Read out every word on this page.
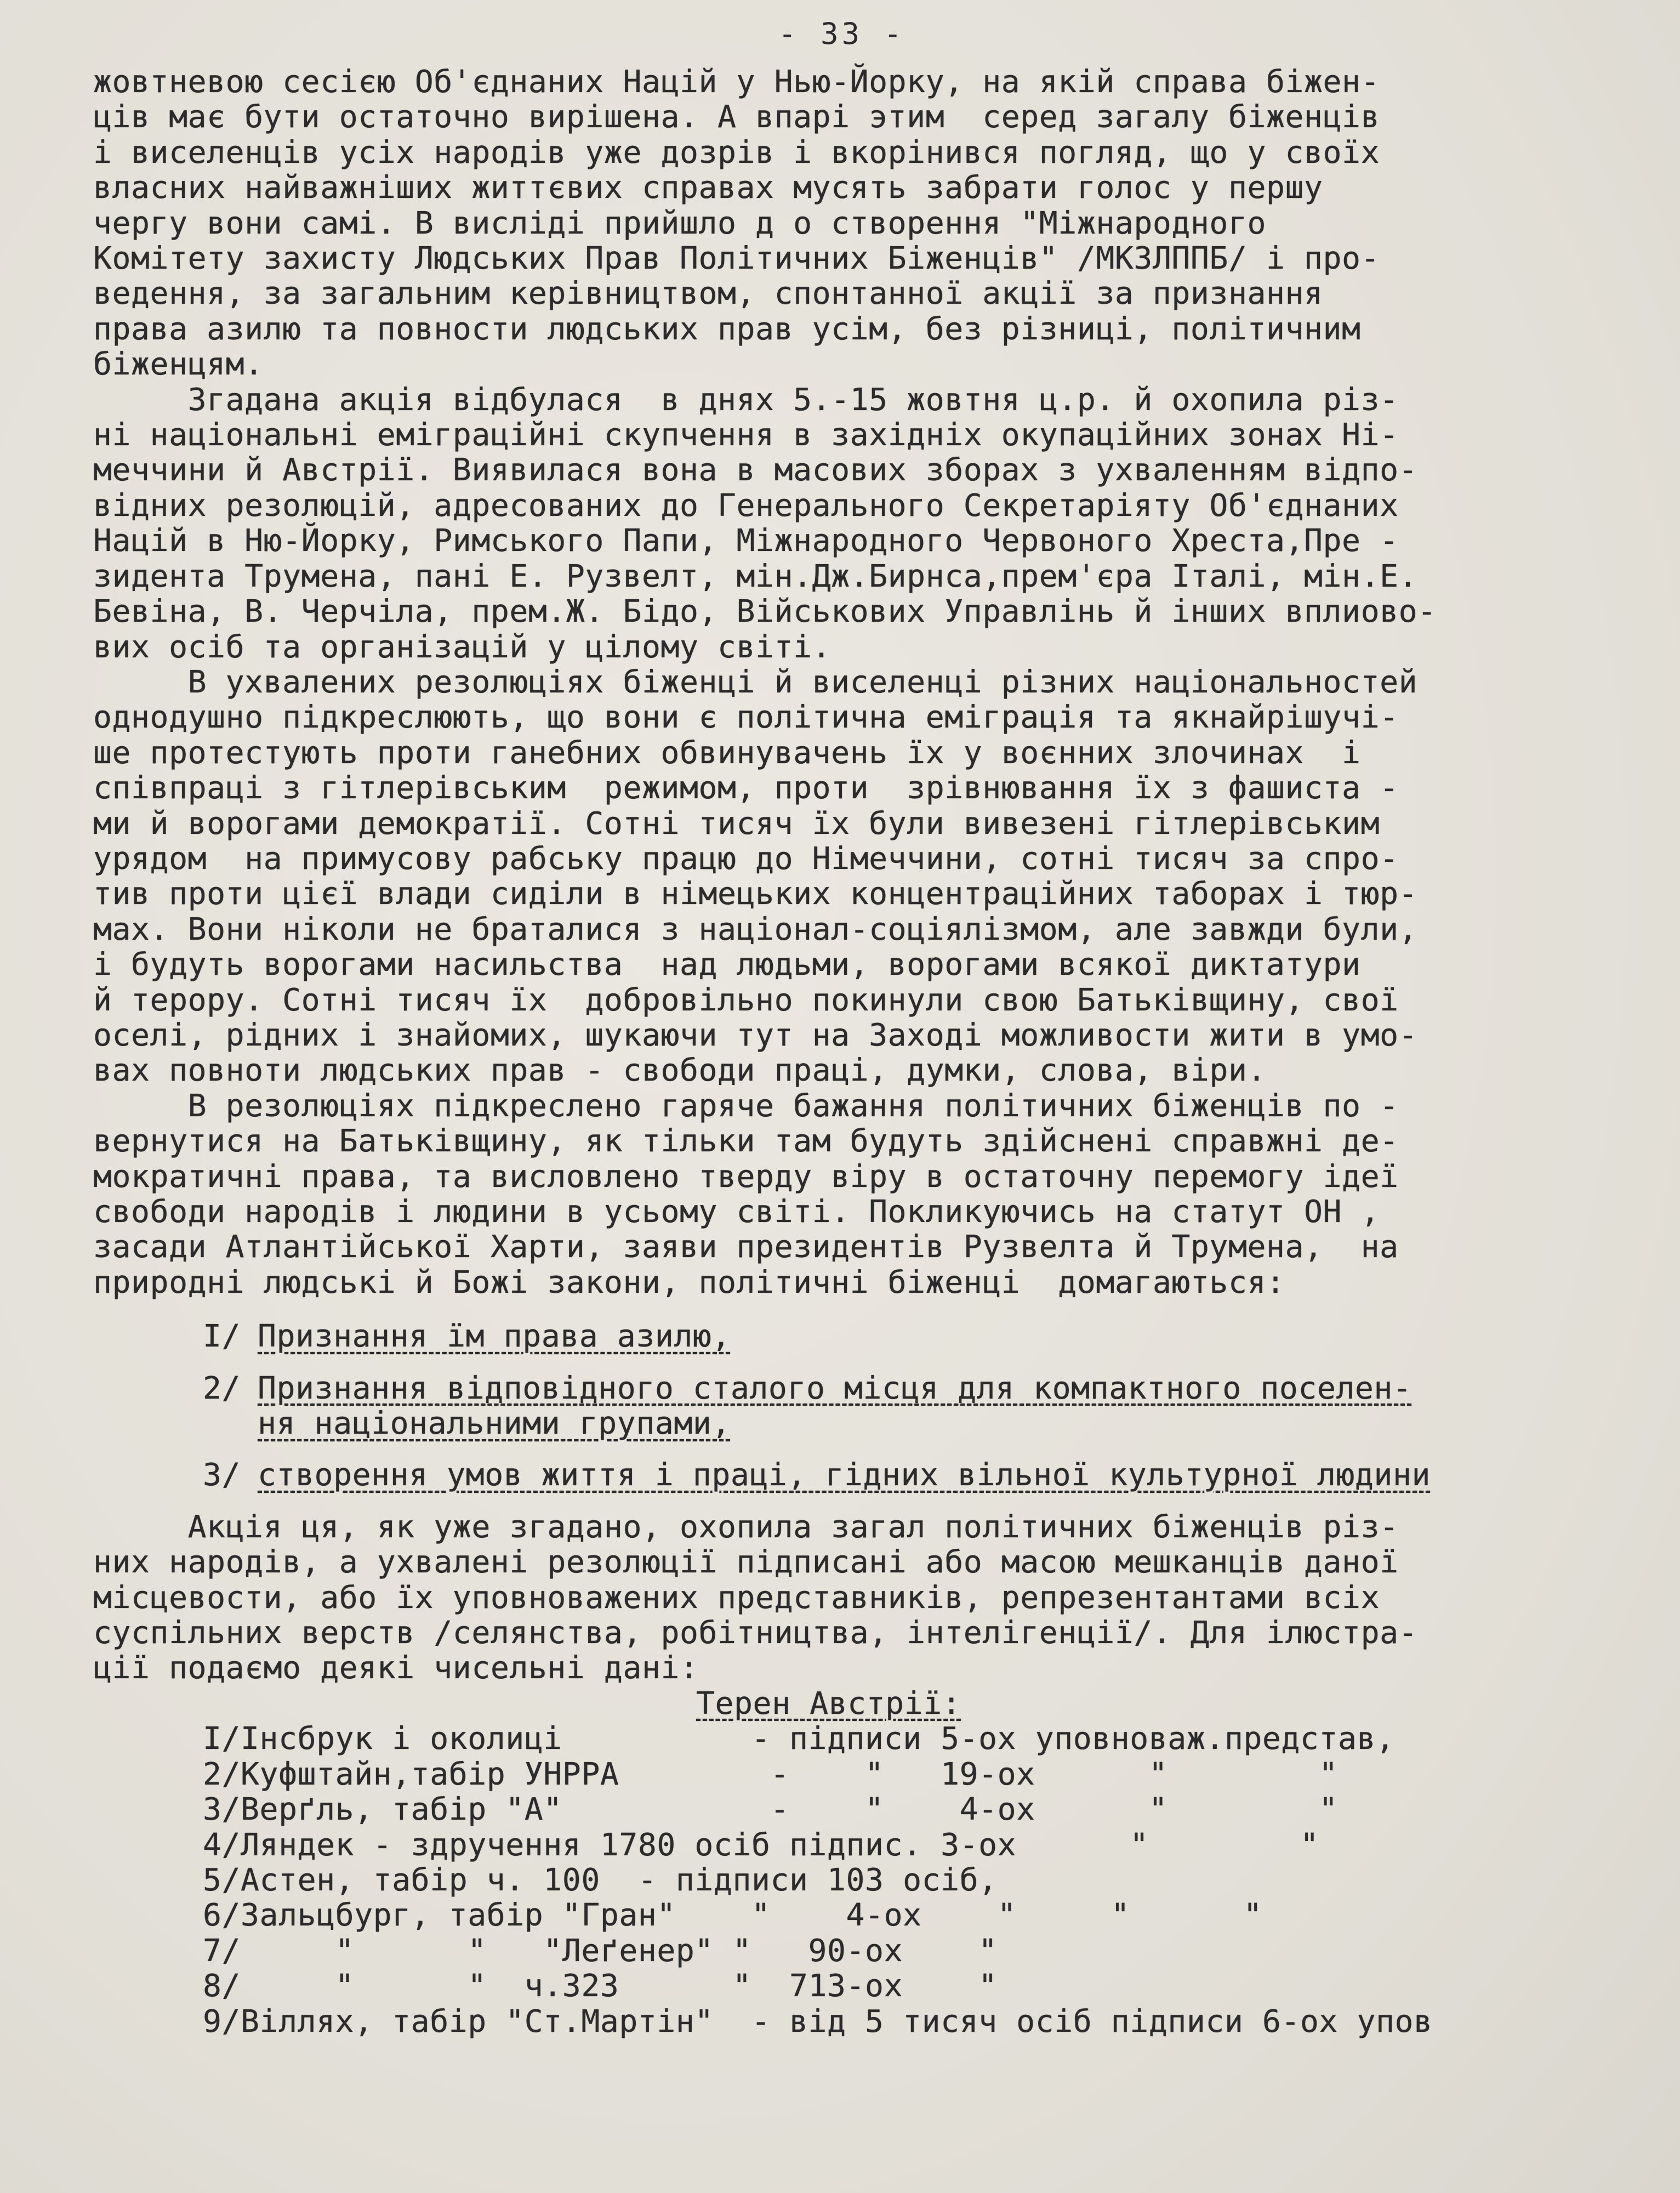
- 33 -
жовтневою сесією Об'єднаних Націй у Нью-Йорку, на якій справа біжен-
ців має бути остаточно вирішена. А впарі этим  серед загалу біженців
і виселенців усіх народів уже дозрів і вкорінився погляд, що у своїх
власних найважніших життєвих справах мусять забрати голос у першу
чергу вони самі. В висліді прийшло д о створення "Міжнародного
Комітету захисту Людських Прав Політичних Біженців" /МКЗЛППБ/ і про-
ведення, за загальним керівництвом, спонтанної акції за признання
права азилю та повности людських прав усім, без різниці, політичним
біженцям.
Згадана акція відбулася  в днях 5.-15 жовтня ц.р. й охопила різ-
ні національні еміграційні скупчення в західніх окупаційних зонах Ні-
меччини й Австрії. Виявилася вона в масових зборах з ухваленням відпо-
відних резолюцій, адресованих до Генерального Секретаріяту Об'єднаних
Націй в Ню-Йорку, Римського Папи, Міжнародного Червоного Хреста,Пре -
зидента Трумена, пані Е. Рузвелт, мін.Дж.Бирнса,прем'єра Італі, мін.Е.
Бевіна, В. Черчіла, прем.Ж. Бідо, Військових Управлінь й інших вплиово-
вих осіб та організацій у цілому світі.
В ухвалених резолюціях біженці й виселенці різних національностей
однодушно підкреслюють, що вони є політична еміграція та якнайрішучі-
ше протестують проти ганебних обвинувачень їх у воєнних злочинах  і
співпраці з гітлерівським  режимом, проти  зрівнювання їх з фашиста -
ми й ворогами демократії. Сотні тисяч їх були вивезені гітлерівським
урядом  на примусову рабську працю до Німеччини, сотні тисяч за спро-
тив проти цієї влади сиділи в німецьких концентраційних таборах і тюр-
мах. Вони ніколи не браталися з націонал-соціялізмом, але завжди були,
і будуть ворогами насильства  над людьми, ворогами всякої диктатури
й терору. Сотні тисяч їх  добровільно покинули свою Батьківщину, свої
оселі, рідних і знайомих, шукаючи тут на Заході можливости жити в умо-
вах повноти людських прав - свободи праці, думки, слова, віри.
В резолюціях підкреслено гаряче бажання політичних біженців по -
вернутися на Батьківщину, як тільки там будуть здійснені справжні де-
мократичні права, та висловлено тверду віру в остаточну перемогу ідеї
свободи народів і людини в усьому світі. Покликуючись на статут ОН ,
засади Атлантійської Харти, заяви президентів Рузвелта й Трумена,  на
природні людські й Божі закони, політичні біженці  домагаються:
I/ Признання їм права азилю,
2/ Признання відповідного сталого місця для компактного поселен-
ня національними групами,
3/ створення умов життя і праці, гідних вільної культурної людини
Акція ця, як уже згадано, охопила загал політичних біженців різ-
них народів, а ухвалені резолюції підписані або масою мешканців даної
місцевости, або їх уповноважених представників, репрезентантами всіх
суспільних верств /селянства, робітництва, інтелігенції/. Для ілюстра-
ції подаємо деякі чисельні дані:
Терен Австрії:
I/Інсбрук і околиці          - підписи 5-ох уповноваж.представ,
2/Куфштайн,табір УНРРА        -    "   19-ох      "        "
3/Верґль, табір "А"           -    "    4-ох      "        "
4/Ляндек - здручення 1780 осіб підпис. 3-ох      "        "
5/Астен, табір ч. 100  - підписи 103 осіб,
6/Зальцбург, табір "Гран"    "    4-ох    "     "      "
7/     "      "   "Леґенер" "   90-ох    "
8/     "      "  ч.323      "  713-ох    "
9/Віллях, табір "Ст.Мартін"  - від 5 тисяч осіб підписи 6-ох упов
